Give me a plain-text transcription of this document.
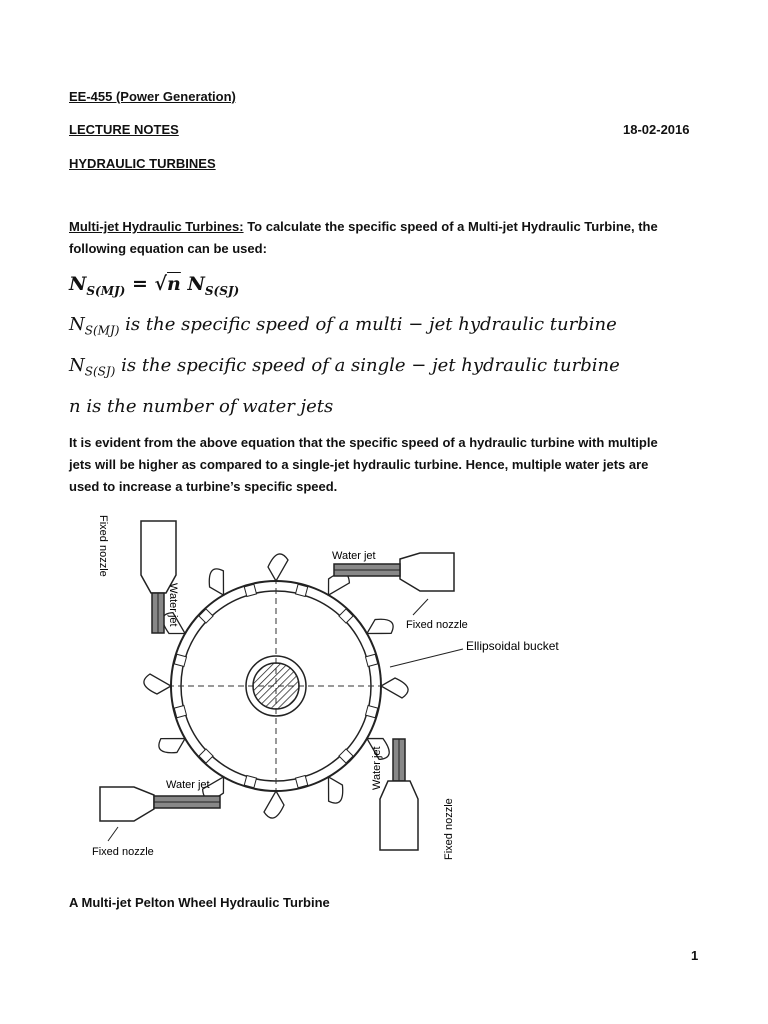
EE-455 (Power Generation)
LECTURE NOTES	18-02-2016
HYDRAULIC TURBINES
Multi-jet Hydraulic Turbines: To calculate the specific speed of a Multi-jet Hydraulic Turbine, the
following equation can be used:
$N_{S(MJ)} = √n$ $N_{S(SJ)}$
$N_{S(MJ)}$ is the specific speed of a multi − jet hydraulic turbine
$N_{S(SJ)}$ is the specific speed of a single − jet hydraulic turbine
n is the number of water jets
It is evident from the above equation that the specific speed of a hydraulic turbine with multiple
jets will be higher as compared to a single-jet hydraulic turbine. Hence, multiple water jets are
used to increase a turbine’s specific speed.
Fixed nozzle
Water jet
Water jet
Fixed nozzle
Ellipsoidal bucket
Water jet
Fixed nozzle
Water jet
Fixed nozzle
A Multi-jet Pelton Wheel Hydraulic Turbine
1
